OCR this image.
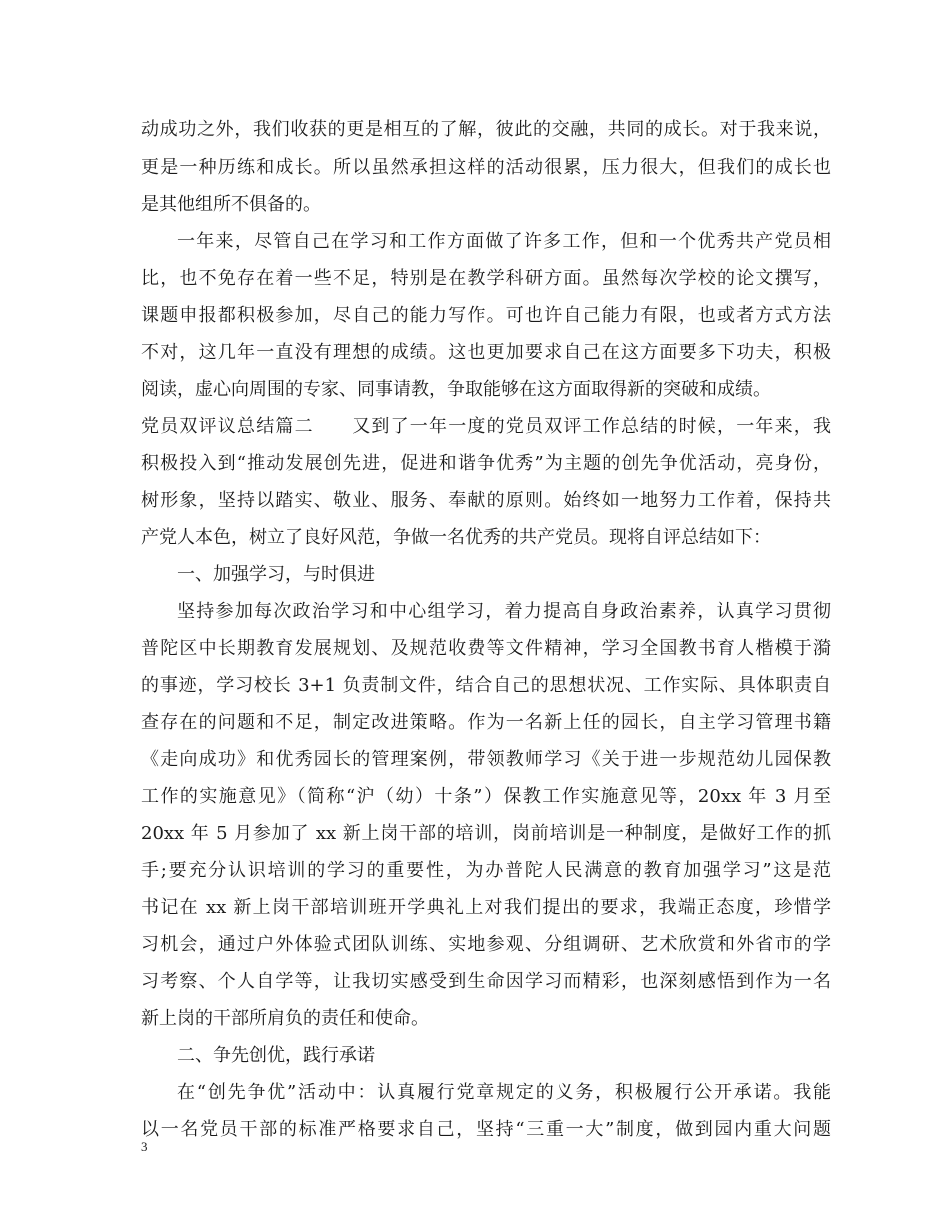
动成功之外，我们收获的更是相互的了解，彼此的交融，共同的成长。对于我来说，
更是一种历练和成长。所以虽然承担这样的活动很累，压力很大，但我们的成长也
是其他组所不俱备的。
一年来，尽管自己在学习和工作方面做了许多工作，但和一个优秀共产党员相
比，也不免存在着一些不足，特别是在教学科研方面。虽然每次学校的论文撰写，
课题申报都积极参加，尽自己的能力写作。可也许自己能力有限，也或者方式方法
不对，这几年一直没有理想的成绩。这也更加要求自己在这方面要多下功夫，积极
阅读，虚心向周围的专家、同事请教，争取能够在这方面取得新的突破和成绩。
党员双评议总结篇二　　又到了一年一度的党员双评工作总结的时候，一年来，我
积极投入到“推动发展创先进，促进和谐争优秀”为主题的创先争优活动，亮身份，
树形象，坚持以踏实、敬业、服务、奉献的原则。始终如一地努力工作着，保持共
产党人本色，树立了良好风范，争做一名优秀的共产党员。现将自评总结如下：
一、加强学习，与时俱进
坚持参加每次政治学习和中心组学习，着力提高自身政治素养，认真学习贯彻
普陀区中长期教育发展规划、及规范收费等文件精神，学习全国教书育人楷模于漪
的事迹，学习校长 3+1 负责制文件，结合自己的思想状况、工作实际、具体职责自
查存在的问题和不足，制定改进策略。作为一名新上任的园长，自主学习管理书籍
《走向成功》和优秀园长的管理案例，带领教师学习《关于进一步规范幼儿园保教
工作的实施意见》（简称“沪（幼）十条”）保教工作实施意见等，20xx 年 3 月至
20xx 年 5 月参加了 xx 新上岗干部的培训，岗前培训是一种制度，是做好工作的抓
手;要充分认识培训的学习的重要性，为办普陀人民满意的教育加强学习”这是范
书记在 xx 新上岗干部培训班开学典礼上对我们提出的要求，我端正态度，珍惜学
习机会，通过户外体验式团队训练、实地参观、分组调研、艺术欣赏和外省市的学
习考察、个人自学等，让我切实感受到生命因学习而精彩，也深刻感悟到作为一名
新上岗的干部所肩负的责任和使命。
二、争先创优，践行承诺
在“创先争优”活动中：认真履行党章规定的义务，积极履行公开承诺。我能
以一名党员干部的标准严格要求自己，坚持“三重一大”制度，做到园内重大问题
3
